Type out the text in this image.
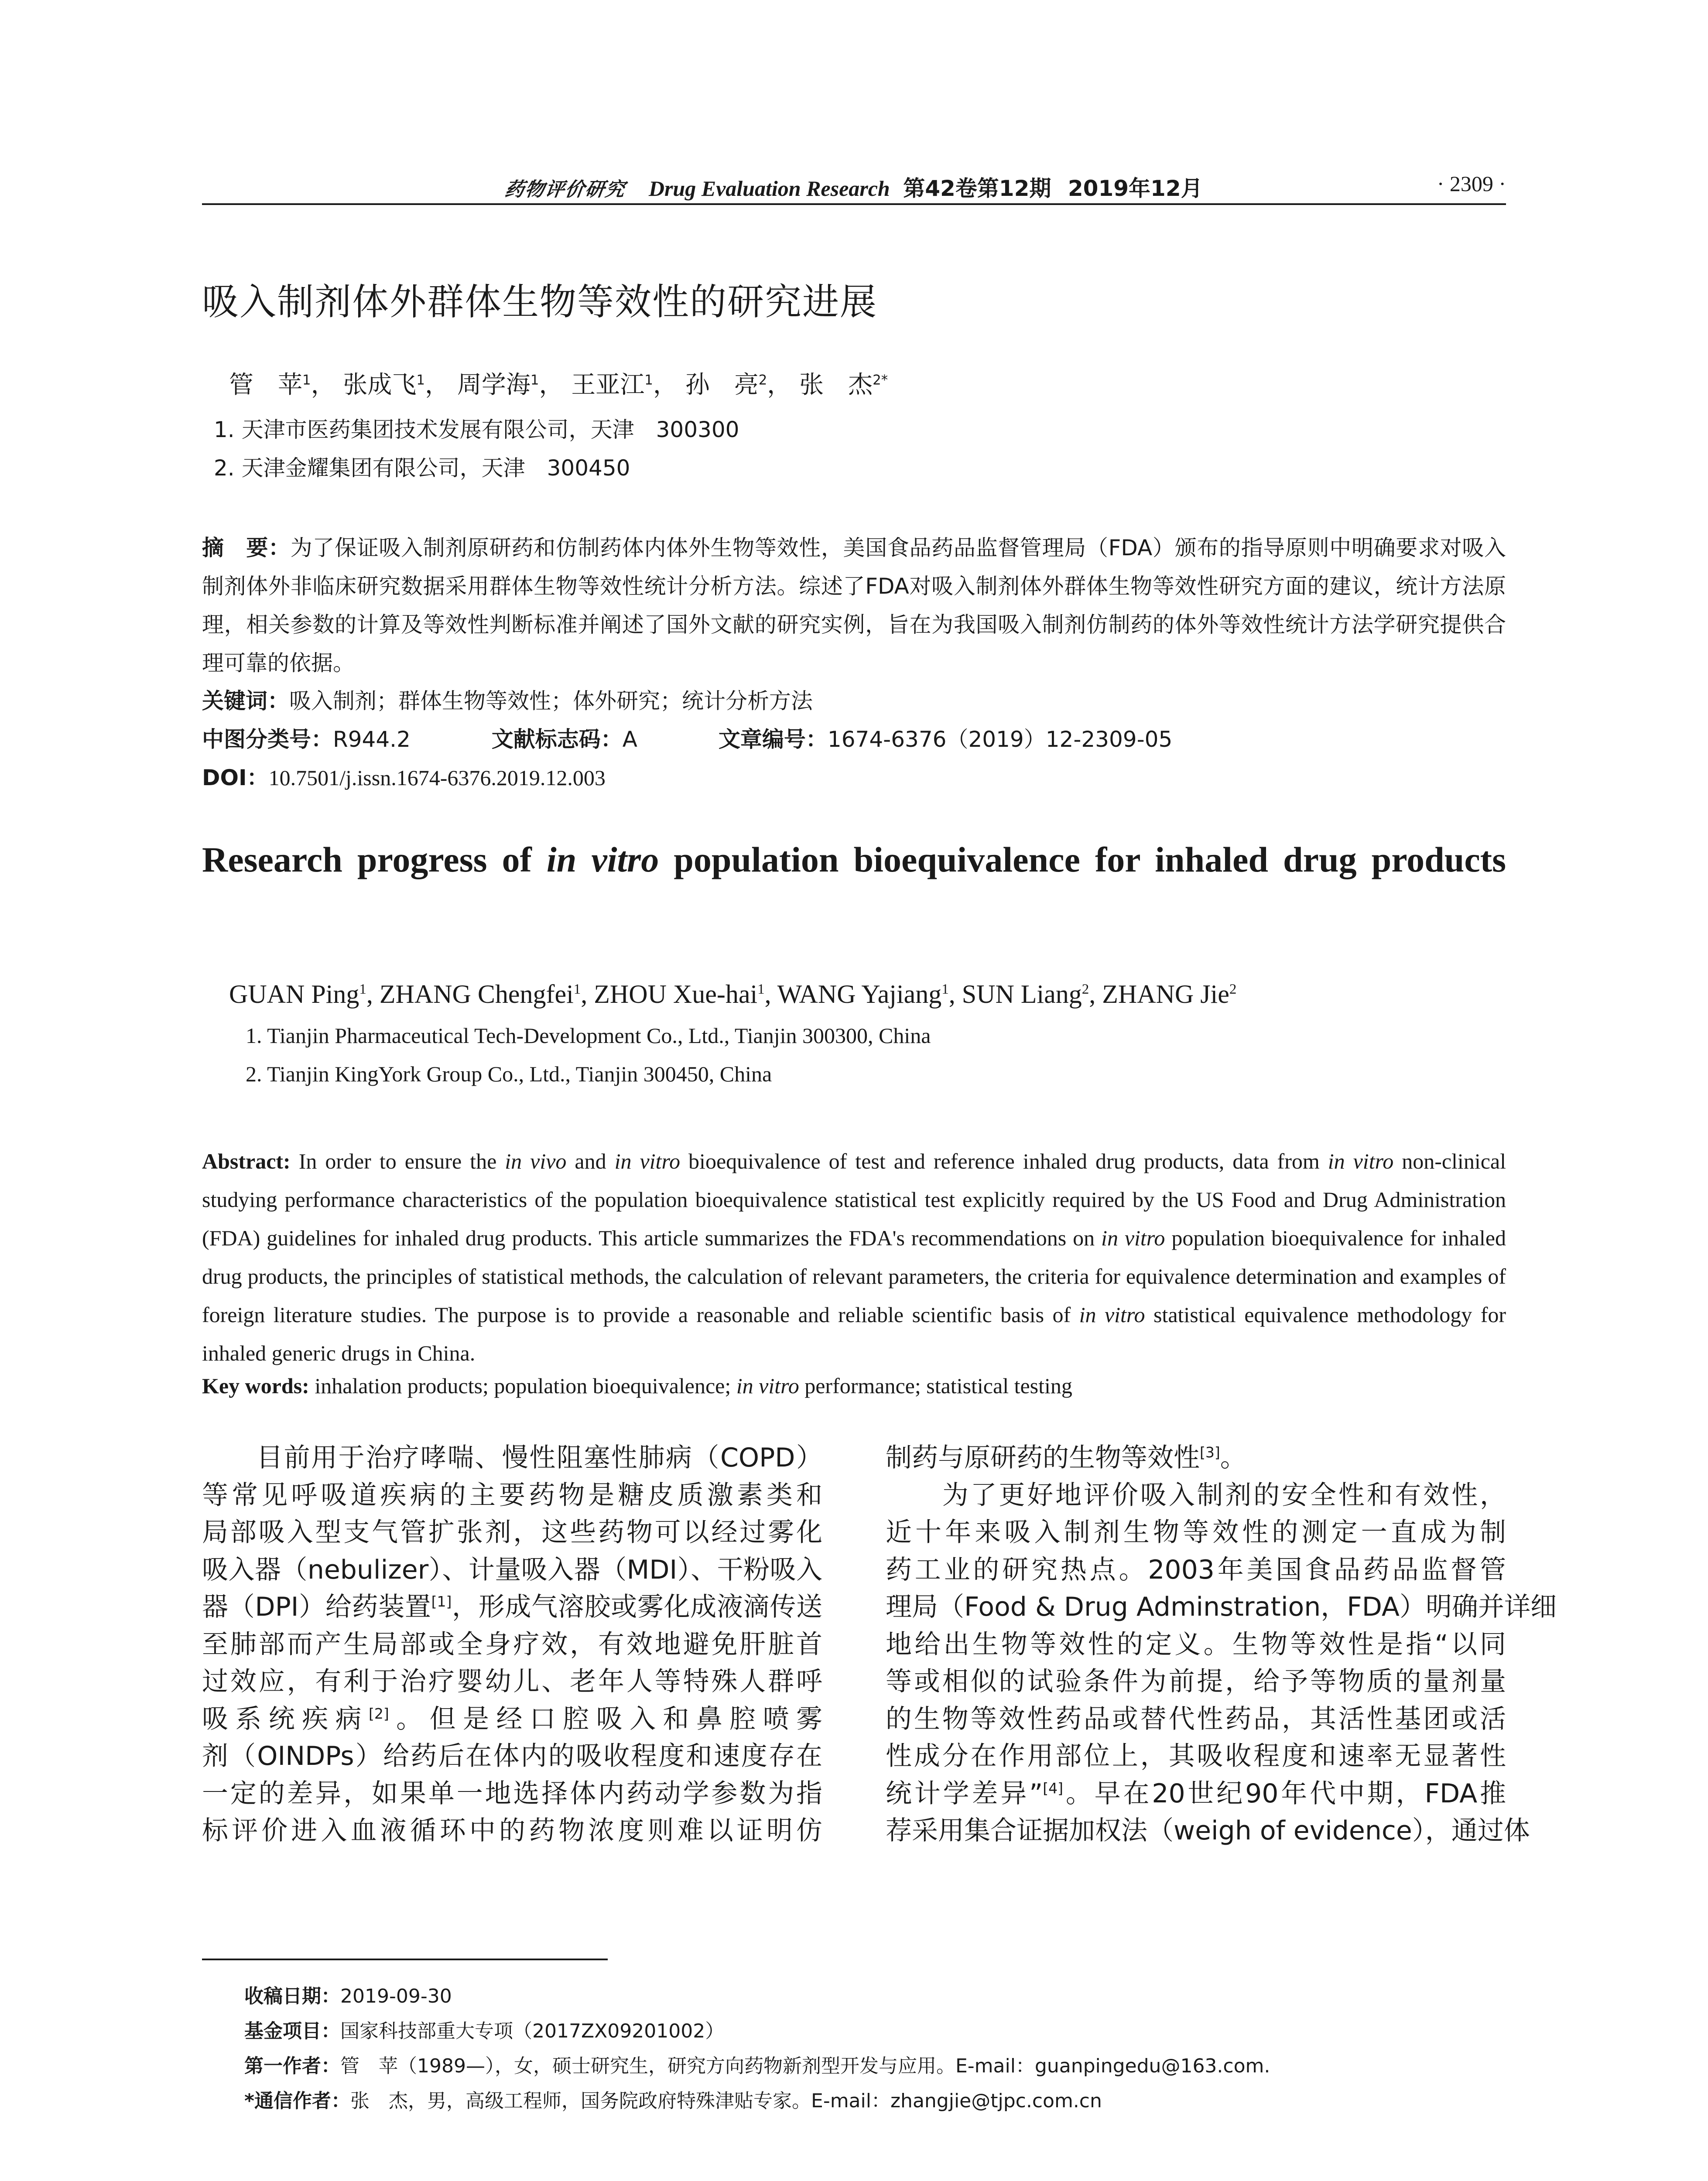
药物评价研究 Drug Evaluation Research 第42卷第12期 2019年12月	· 2309 ·
吸入制剂体外群体生物等效性的研究进展
管　苹$^1$， 张成飞$^1$， 周学海$^1$， 王亚江$^1$， 孙　亮$^2$， 张　杰$^{2*}$
1. 天津市医药集团技术发展有限公司，天津　300300
2. 天津金耀集团有限公司，天津　300450
摘　要：为了保证吸入制剂原研药和仿制药体内体外生物等效性，美国食品药品监督管理局（FDA）颁布的指导原则中明确要求对吸入制剂体外非临床研究数据采用群体生物等效性统计分析方法。综述了FDA对吸入制剂体外群体生物等效性研究方面的建议，统计方法原理，相关参数的计算及等效性判断标准并阐述了国外文献的研究实例，旨在为我国吸入制剂仿制药的体外等效性统计方法学研究提供合理可靠的依据。
关键词：吸入制剂；群体生物等效性；体外研究；统计分析方法
中图分类号：R944.2	文献标志码：A	文章编号：1674-6376（2019）12-2309-05
DOI：10.7501/j.issn.1674-6376.2019.12.003
Research progress of in vitro population bioequivalence for inhaled drug products
GUAN Ping$^1$, ZHANG Chengfei$^1$, ZHOU Xue-hai$^1$, WANG Yajiang$^1$, SUN Liang$^2$, ZHANG Jie$^2$
1. Tianjin Pharmaceutical Tech-Development Co., Ltd., Tianjin 300300, China
2. Tianjin KingYork Group Co., Ltd., Tianjin 300450, China
Abstract: In order to ensure the in vivo and in vitro bioequivalence of test and reference inhaled drug products, data from in vitro non-clinical studying performance characteristics of the population bioequivalence statistical test explicitly required by the US Food and Drug Administration (FDA) guidelines for inhaled drug products. This article summarizes the FDA's recommendations on in vitro population bioequivalence for inhaled drug products, the principles of statistical methods, the calculation of relevant parameters, the criteria for equivalence determination and examples of foreign literature studies. The purpose is to provide a reasonable and reliable scientific basis of in vitro statistical equivalence methodology for inhaled generic drugs in China.
Key words: inhalation products; population bioequivalence; in vitro performance; statistical testing
　　目前用于治疗哮喘、慢性阻塞性肺病（COPD）
等常见呼吸道疾病的主要药物是糖皮质激素类和
局部吸入型支气管扩张剂，这些药物可以经过雾化
吸入器（nebulizer）、计量吸入器（MDI）、干粉吸入
器（DPI）给药装置[1]，形成气溶胶或雾化成液滴传送
至肺部而产生局部或全身疗效，有效地避免肝脏首
过效应，有利于治疗婴幼儿、老年人等特殊人群呼
吸系统疾病[2]。但是经口腔吸入和鼻腔喷雾
剂（OINDPs）给药后在体内的吸收程度和速度存在
一定的差异，如果单一地选择体内药动学参数为指
标评价进入血液循环中的药物浓度则难以证明仿
制药与原研药的生物等效性[3]。
　　为了更好地评价吸入制剂的安全性和有效性，
近十年来吸入制剂生物等效性的测定一直成为制
药工业的研究热点。2003年美国食品药品监督管
理局（Food & Drug Adminstration，FDA）明确并详细
地给出生物等效性的定义。生物等效性是指“以同
等或相似的试验条件为前提，给予等物质的量剂量
的生物等效性药品或替代性药品，其活性基团或活
性成分在作用部位上，其吸收程度和速率无显著性
统计学差异”[4]。早在20世纪90年代中期，FDA推
荐采用集合证据加权法（weigh of evidence），通过体
收稿日期：2019-09-30
基金项目：国家科技部重大专项（2017ZX09201002）
第一作者：管　苹（1989—），女，硕士研究生，研究方向药物新剂型开发与应用。E-mail：guanpingedu@163.com.
*通信作者：张　杰，男，高级工程师，国务院政府特殊津贴专家。E-mail：zhangjie@tjpc.com.cn
